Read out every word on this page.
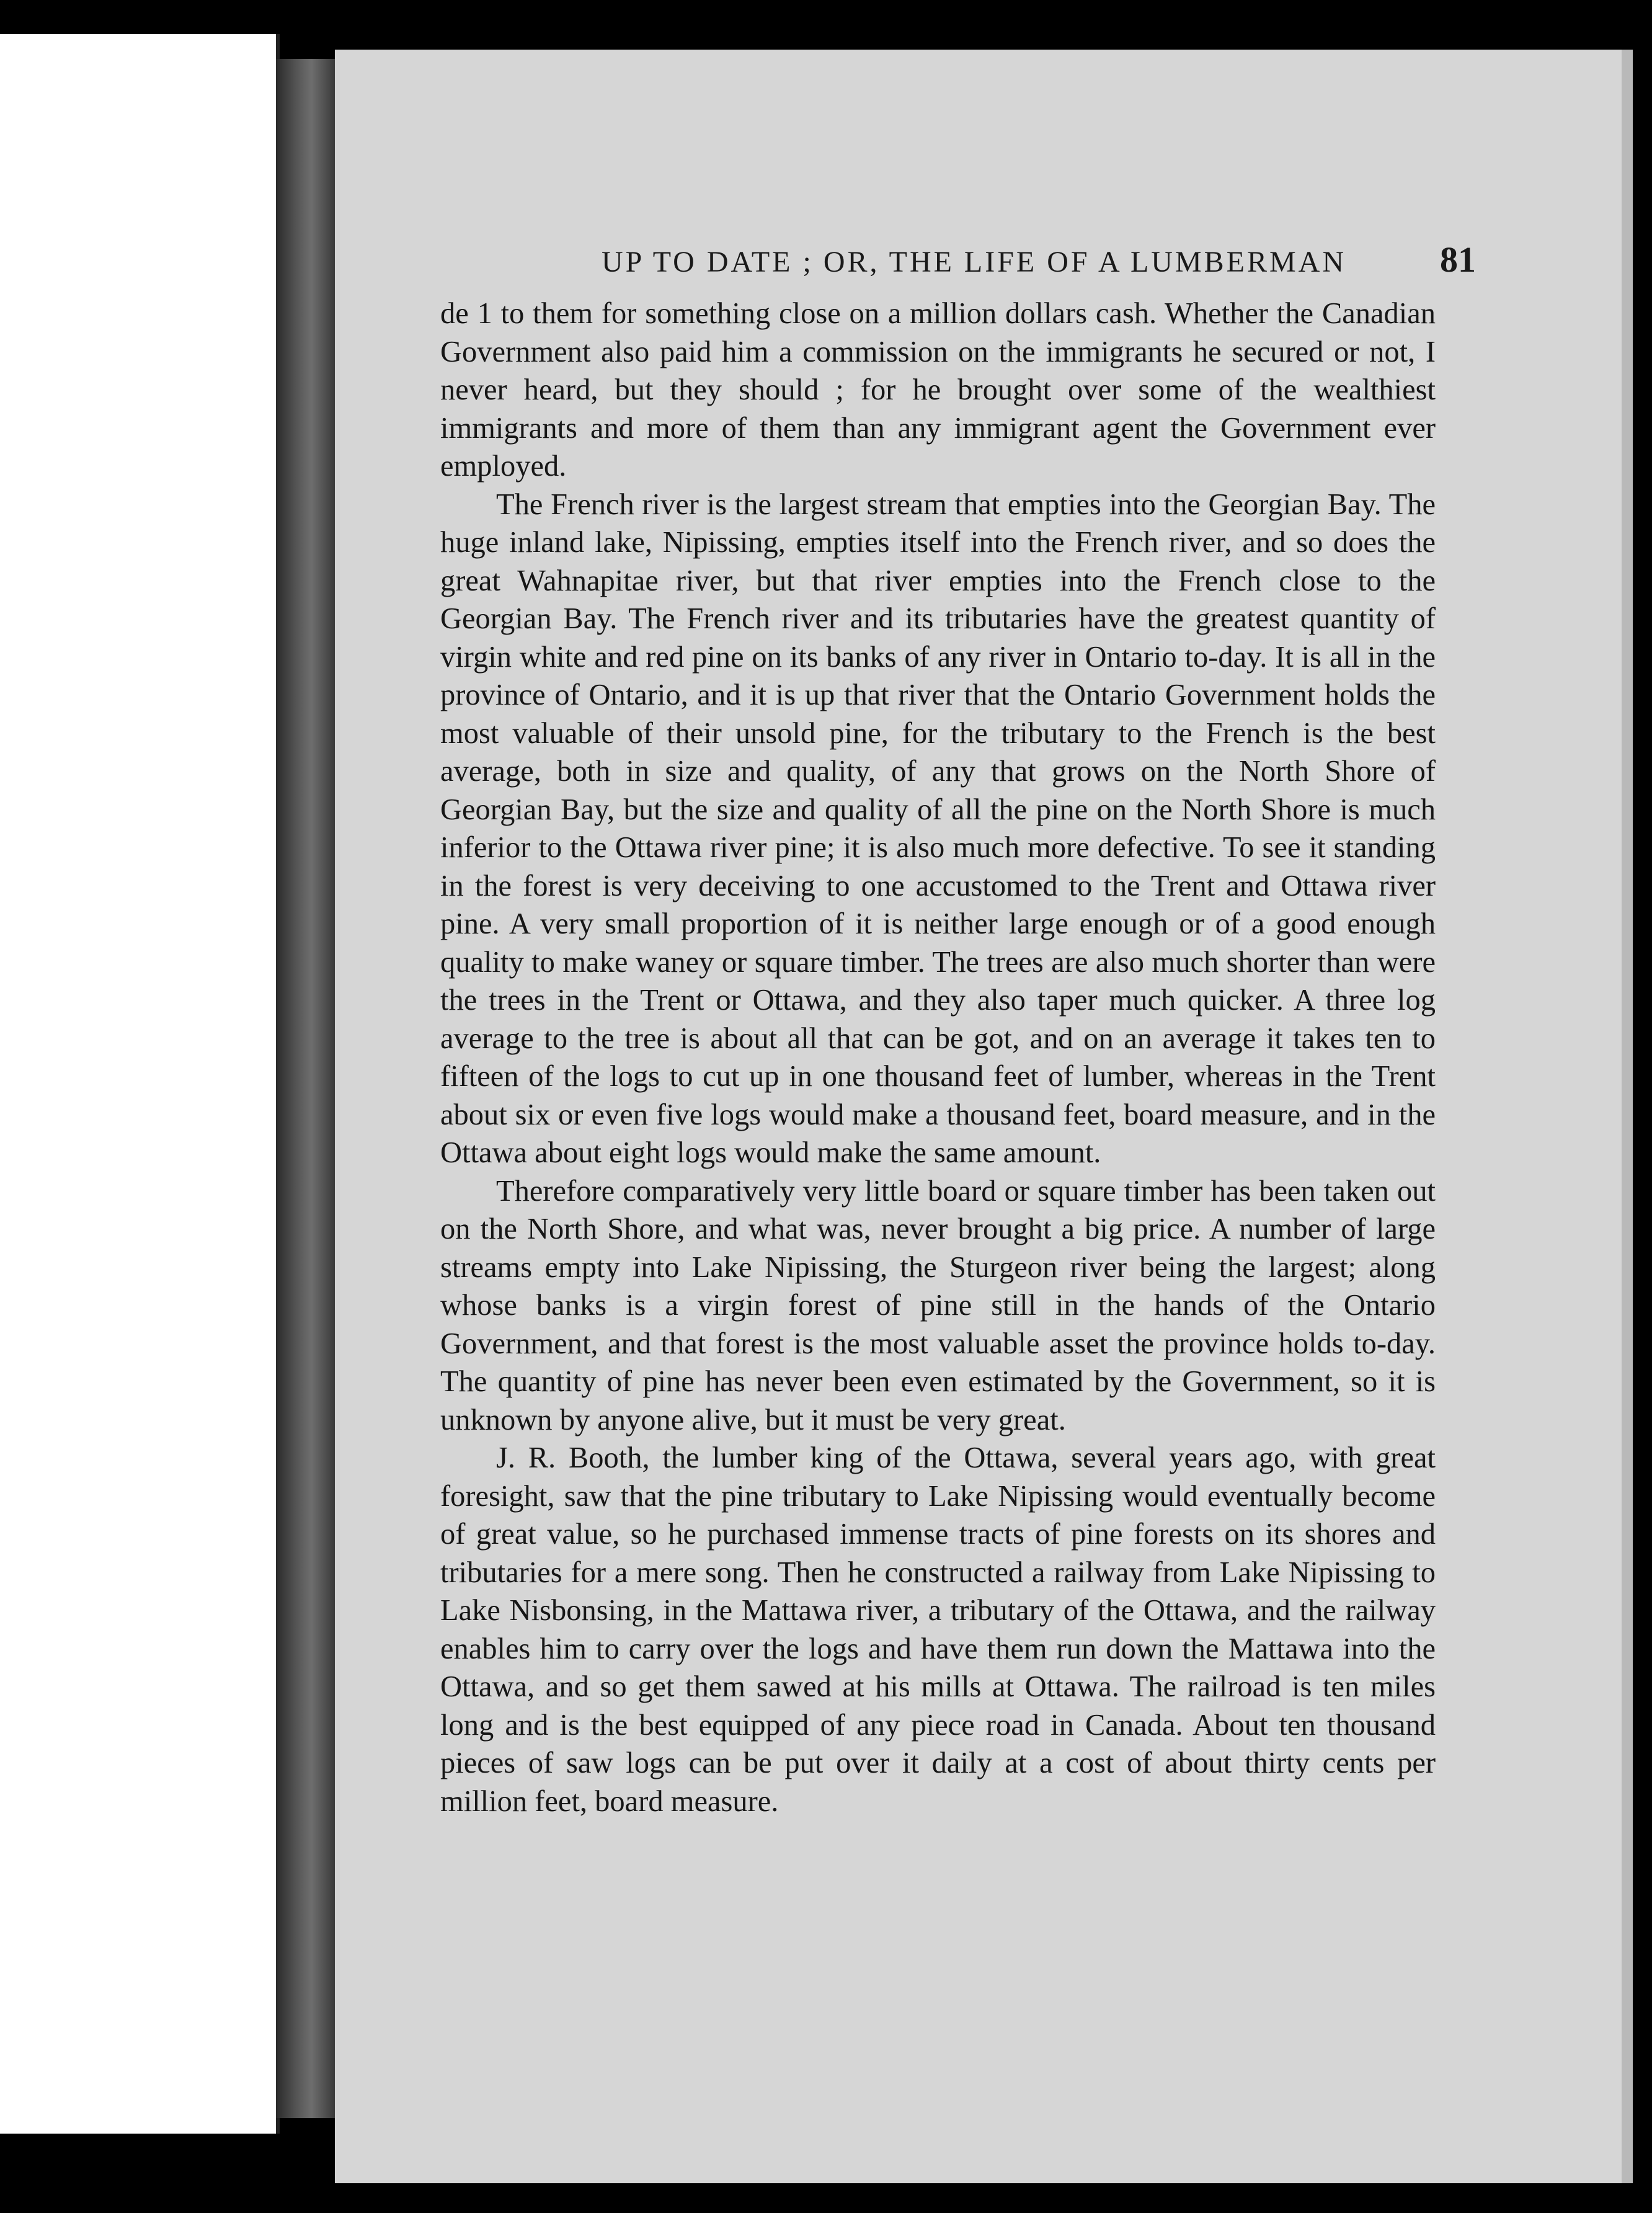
UP TO DATE ; OR, THE LIFE OF A LUMBERMAN	81

de 1 to them for something close on a million dollars cash. Whether the Canadian Government also paid him a commission on the immigrants he secured or not, I never heard, but they should ; for he brought over some of the wealthiest immigrants and more of them than any immigrant agent the Government ever employed.

The French river is the largest stream that empties into the Georgian Bay. The huge inland lake, Nipissing, empties itself into the French river, and so does the great Wahnapitae river, but that river empties into the French close to the Georgian Bay. The French river and its tributaries have the greatest quantity of virgin white and red pine on its banks of any river in Ontario to-day. It is all in the province of Ontario, and it is up that river that the Ontario Government holds the most valuable of their unsold pine, for the tributary to the French is the best average, both in size and quality, of any that grows on the North Shore of Georgian Bay, but the size and quality of all the pine on the North Shore is much inferior to the Ottawa river pine; it is also much more defective. To see it standing in the forest is very deceiving to one accustomed to the Trent and Ottawa river pine. A very small proportion of it is neither large enough or of a good enough quality to make waney or square timber. The trees are also much shorter than were the trees in the Trent or Ottawa, and they also taper much quicker. A three log average to the tree is about all that can be got, and on an average it takes ten to fifteen of the logs to cut up in one thousand feet of lumber, whereas in the Trent about six or even five logs would make a thousand feet, board measure, and in the Ottawa about eight logs would make the same amount.

Therefore comparatively very little board or square timber has been taken out on the North Shore, and what was, never brought a big price. A number of large streams empty into Lake Nipissing, the Sturgeon river being the largest; along whose banks is a virgin forest of pine still in the hands of the Ontario Government, and that forest is the most valuable asset the province holds to-day. The quantity of pine has never been even estimated by the Government, so it is unknown by anyone alive, but it must be very great.

J. R. Booth, the lumber king of the Ottawa, several years ago, with great foresight, saw that the pine tributary to Lake Nipissing would eventually become of great value, so he purchased immense tracts of pine forests on its shores and tributaries for a mere song. Then he constructed a railway from Lake Nipissing to Lake Nisbonsing, in the Mattawa river, a tributary of the Ottawa, and the railway enables him to carry over the logs and have them run down the Mattawa into the Ottawa, and so get them sawed at his mills at Ottawa. The railroad is ten miles long and is the best equipped of any piece road in Canada. About ten thousand pieces of saw logs can be put over it daily at a cost of about thirty cents per million feet, board measure.
